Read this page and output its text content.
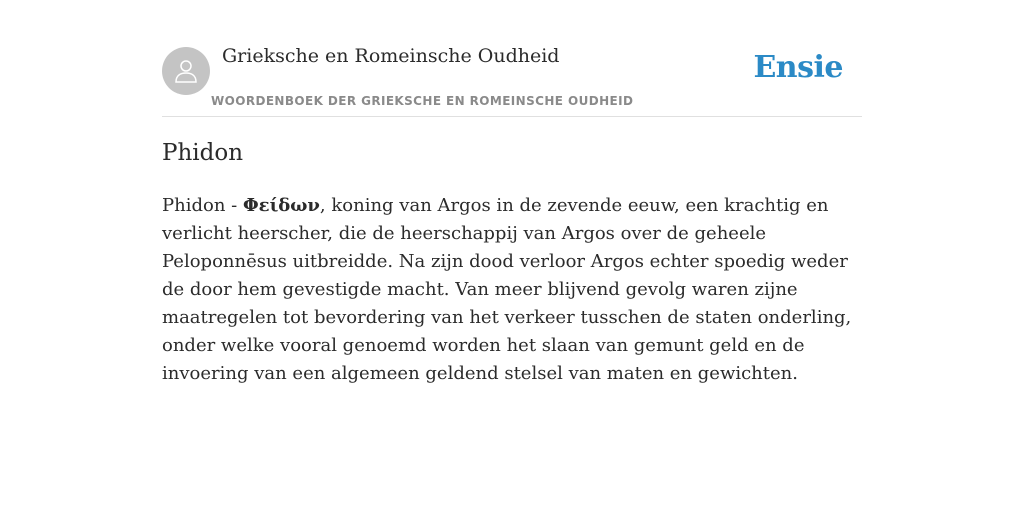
Grieksche en Romeinsche Oudheid
WOORDENBOEK DER GRIEKSCHE EN ROMEINSCHE OUDHEID
Ensie
Phidon

Phidon - Φείδων, koning van Argos in de zevende eeuw, een krachtig en verlicht heerscher, die de heerschappij van Argos over de geheele Peloponnēsus uitbreidde. Na zijn dood verloor Argos echter spoedig weder de door hem gevestigde macht. Van meer blijvend gevolg waren zijne maatregelen tot bevordering van het verkeer tusschen de staten onderling, onder welke vooral genoemd worden het slaan van gemunt geld en de invoering van een algemeen geldend stelsel van maten en gewichten.
